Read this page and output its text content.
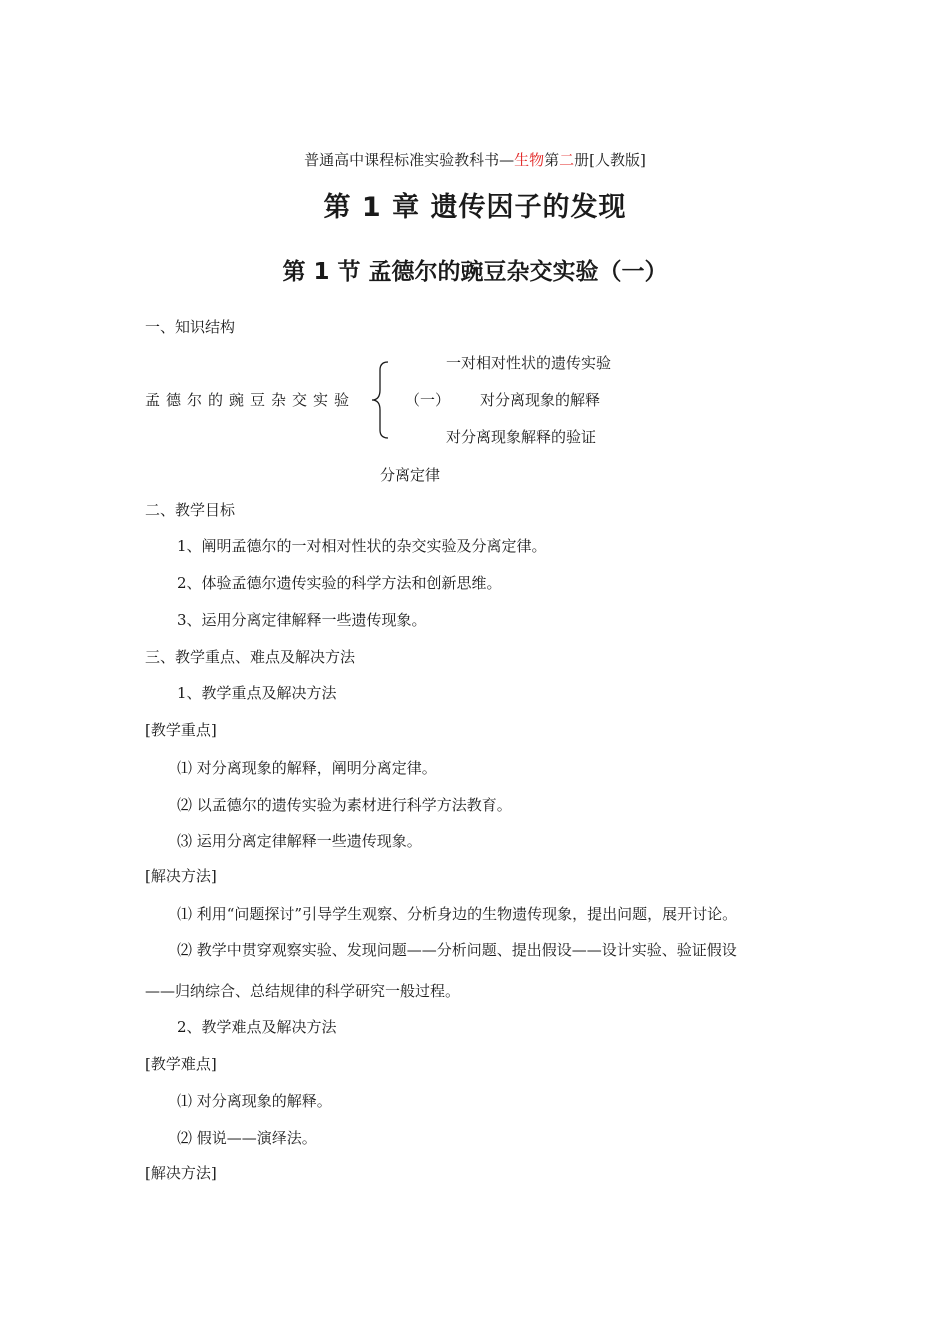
普通高中课程标准实验教科书—生物第二册[人教版]
第 1 章 遗传因子的发现
第 1 节 孟德尔的豌豆杂交实验（一）
一、知识结构
孟德尔的豌豆杂交实验	（一）
一对相对性状的遗传实验
对分离现象的解释
对分离现象解释的验证
分离定律
二、教学目标
1、阐明孟德尔的一对相对性状的杂交实验及分离定律。
2、体验孟德尔遗传实验的科学方法和创新思维。
3、运用分离定律解释一些遗传现象。
三、教学重点、难点及解决方法
1、教学重点及解决方法
[教学重点]
⑴ 对分离现象的解释，阐明分离定律。
⑵ 以孟德尔的遗传实验为素材进行科学方法教育。
⑶ 运用分离定律解释一些遗传现象。
[解决方法]
⑴ 利用“问题探讨”引导学生观察、分析身边的生物遗传现象，提出问题，展开讨论。
⑵ 教学中贯穿观察实验、发现问题——分析问题、提出假设——设计实验、验证假设
——归纳综合、总结规律的科学研究一般过程。
2、教学难点及解决方法
[教学难点]
⑴ 对分离现象的解释。
⑵ 假说——演绎法。
[解决方法]
